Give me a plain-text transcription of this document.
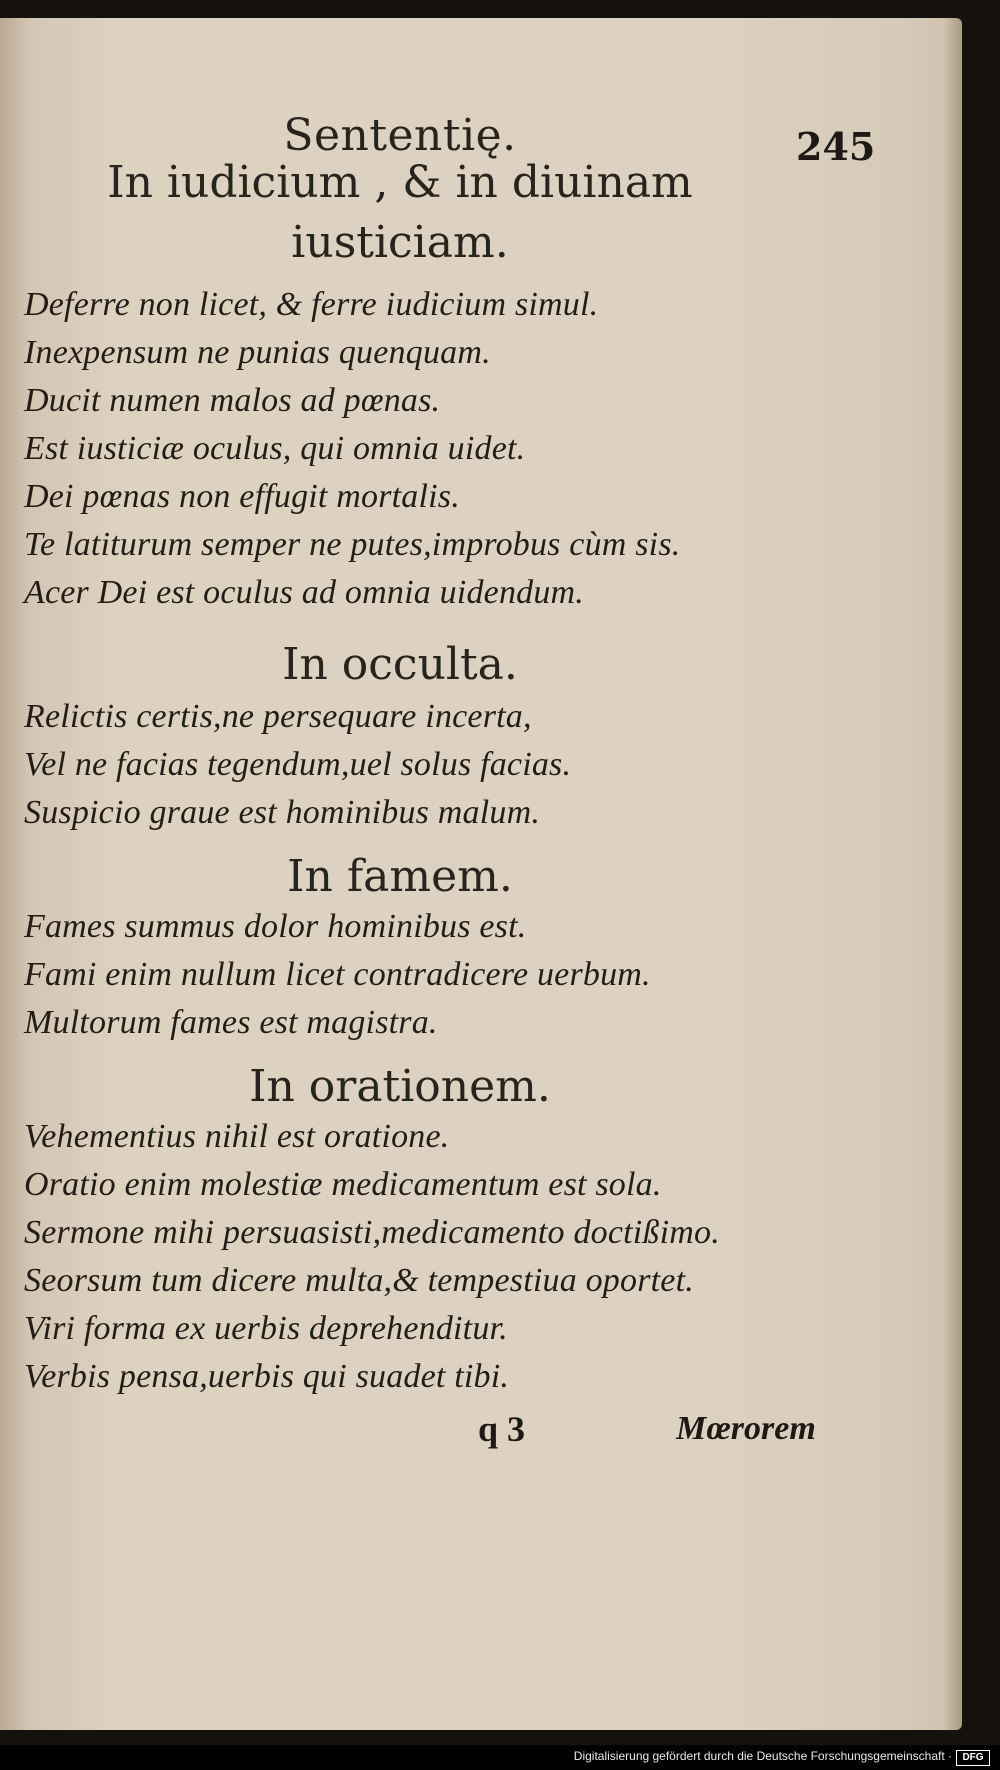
Sententię.	245
In iudicium , & in diuinam
iusticiam.
Deferre non licet, & ferre iudicium simul.
Inexpensum ne punias quenquam.
Ducit numen malos ad pœnas.
Est iusticiæ oculus, qui omnia uidet.
Dei pœnas non effugit mortalis.
Te latiturum semper ne putes,improbus cùm sis.
Acer Dei est oculus ad omnia uidendum.
In occulta.
Relictis certis,ne persequare incerta,
Vel ne facias tegendum,uel solus facias.
Suspicio graue est hominibus malum.
In famem.
Fames summus dolor hominibus est.
Fami enim nullum licet contradicere uerbum.
Multorum fames est magistra.
In orationem.
Vehementius nihil est oratione.
Oratio enim molestiæ medicamentum est sola.
Sermone mihi persuasisti,medicamento doctißimo.
Seorsum tum dicere multa,& tempestiua oportet.
Viri forma ex uerbis deprehenditur.
Verbis pensa,uerbis qui suadet tibi.
q 3	Mœrorem
Digitalisierung gefördert durch die Deutsche Forschungsgemeinschaft ·	DFG
